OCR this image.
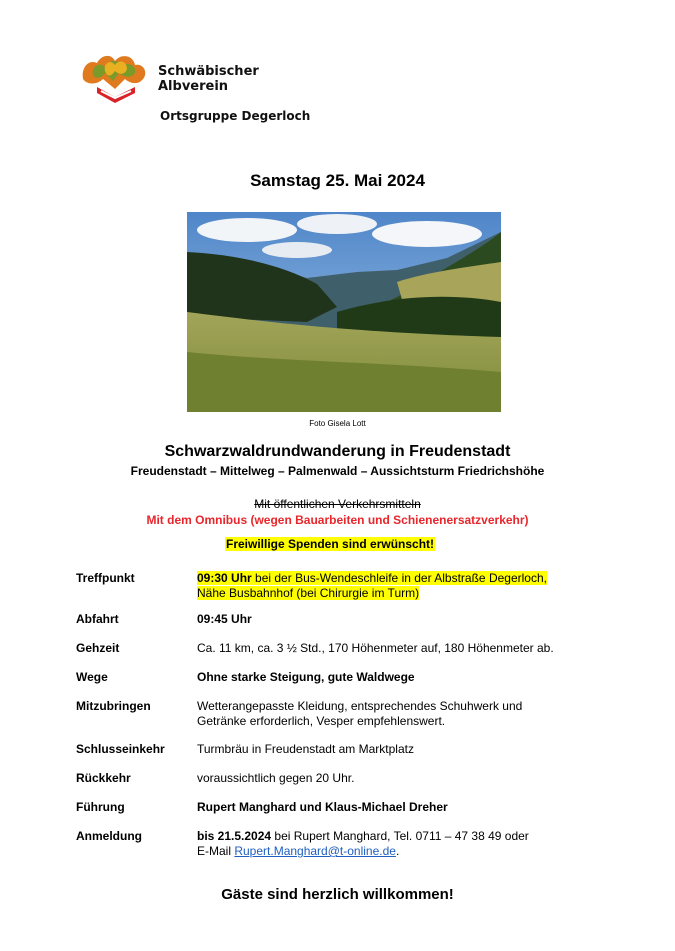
Schwäbischer
Albverein
Ortsgruppe Degerloch
Samstag 25. Mai 2024
Foto Gisela Lott
Schwarzwaldrundwanderung in Freudenstadt
Freudenstadt – Mittelweg – Palmenwald – Aussichtsturm Friedrichshöhe
Mit öffentlichen Verkehrsmitteln
Mit dem Omnibus (wegen Bauarbeiten und Schienenersatzverkehr)
Freiwillige Spenden sind erwünscht!
Treffpunkt	09:30 Uhr bei der Bus-Wendeschleife in der Albstraße Degerloch,
Nähe Busbahnhof (bei Chirurgie im Turm)
Abfahrt	09:45 Uhr
Gehzeit	Ca. 11 km, ca. 3 ½ Std., 170 Höhenmeter auf, 180 Höhenmeter ab.
Wege	Ohne starke Steigung, gute Waldwege
Mitzubringen	Wetterangepasste Kleidung, entsprechendes Schuhwerk und
Getränke erforderlich, Vesper empfehlenswert.
Schlusseinkehr	Turmbräu in Freudenstadt am Marktplatz
Rückkehr	voraussichtlich gegen 20 Uhr.
Führung	Rupert Manghard und Klaus-Michael Dreher
Anmeldung	bis 21.5.2024 bei Rupert Manghard, Tel. 0711 – 47 38 49 oder
E-Mail Rupert.Manghard@t-online.de.
Gäste sind herzlich willkommen!
